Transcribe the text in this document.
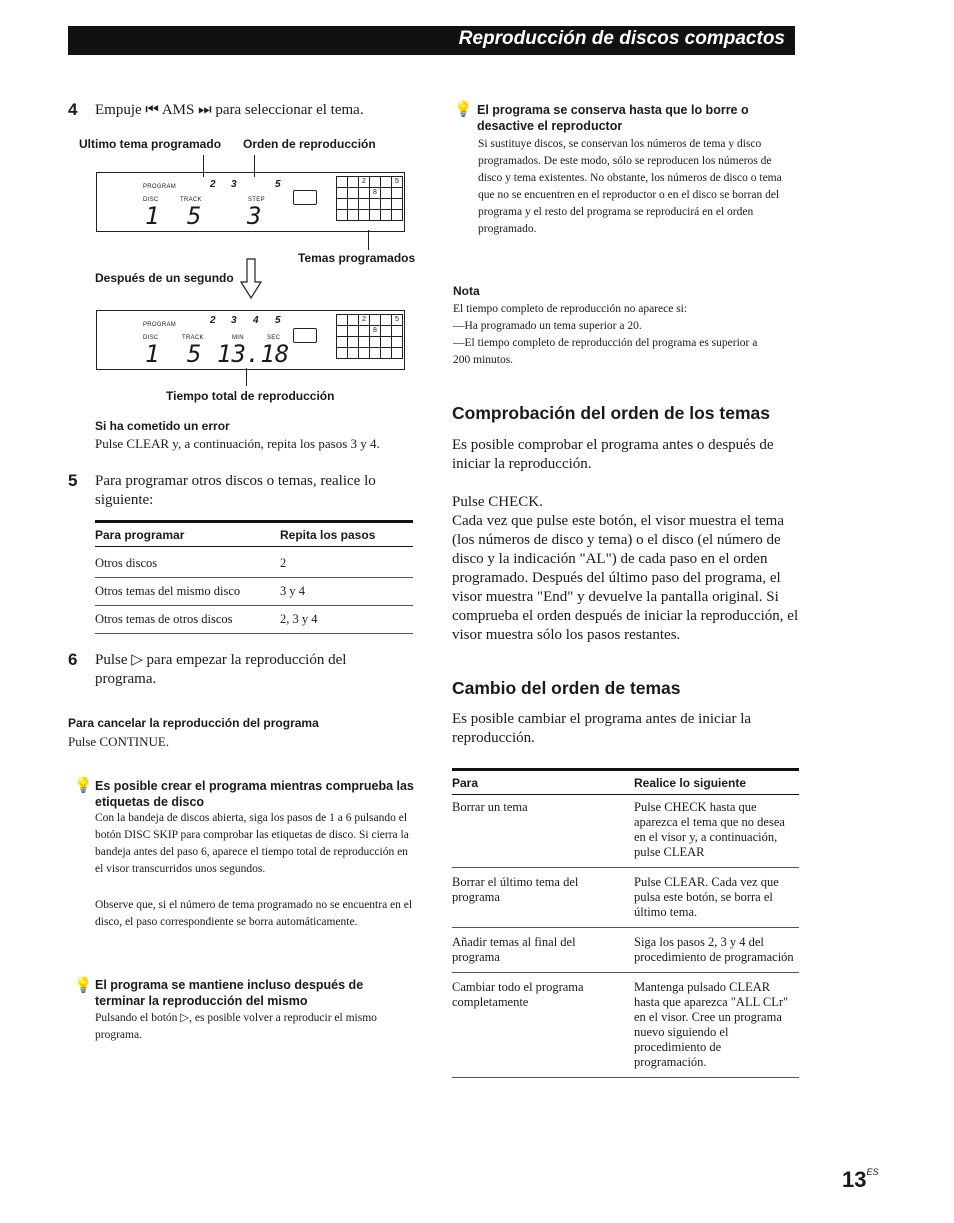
Reproducción de discos compactos
4 Empuje ⏮ AMS ⏭ para seleccionar el tema.
Ultimo tema programado Orden de reproducción
PROGRAM
DISC	TRACK	STEP
2 3	5
1 5 3
2	5
8
Temas programados
Después de un segundo
PROGRAM
DISC	TRACK	MIN	SEC
2 3 4 5
1 5 13.18
2	5
8
Tiempo total de reproducción
Si ha cometido un error
Pulse CLEAR y, a continuación, repita los pasos 3 y 4.
5 Para programar otros discos o temas, realice lo siguiente:
Para programar	Repita los pasos
Otros discos	2
Otros temas del mismo disco	3 y 4
Otros temas de otros discos	2, 3 y 4
6 Pulse ▷ para empezar la reproducción del programa.
Para cancelar la reproducción del programa
Pulse CONTINUE.
💡 Es posible crear el programa mientras comprueba las etiquetas de disco
Con la bandeja de discos abierta, siga los pasos de 1 a 6 pulsando el botón DISC SKIP para comprobar las etiquetas de disco. Si cierra la bandeja antes del paso 6, aparece el tiempo total de reproducción en el visor transcurridos unos segundos.
Observe que, si el número de tema programado no se encuentra en el disco, el paso correspondiente se borra automáticamente.
💡 El programa se mantiene incluso después de terminar la reproducción del mismo
Pulsando el botón ▷, es posible volver a reproducir el mismo programa.
💡 El programa se conserva hasta que lo borre o desactive el reproductor
Si sustituye discos, se conservan los números de tema y disco programados. De este modo, sólo se reproducen los números de disco y tema existentes. No obstante, los números de disco o tema que no se encuentren en el reproductor o en el disco se borran del programa y el resto del programa se reproducirá en el orden programado.
Nota
El tiempo completo de reproducción no aparece si:
—Ha programado un tema superior a 20.
—El tiempo completo de reproducción del programa es superior a 200 minutos.
Comprobación del orden de los temas
Es posible comprobar el programa antes o después de iniciar la reproducción.
Pulse CHECK.
Cada vez que pulse este botón, el visor muestra el tema (los números de disco y tema) o el disco (el número de disco y la indicación "AL") de cada paso en el orden programado. Después del último paso del programa, el visor muestra "End" y devuelve la pantalla original. Si comprueba el orden después de iniciar la reproducción, el visor muestra sólo los pasos restantes.
Cambio del orden de temas
Es posible cambiar el programa antes de iniciar la reproducción.
Para	Realice lo siguiente
Borrar un tema	Pulse CHECK hasta que aparezca el tema que no desea en el visor y, a continuación, pulse CLEAR
Borrar el último tema del programa	Pulse CLEAR. Cada vez que pulsa este botón, se borra el último tema.
Añadir temas al final del programa	Siga los pasos 2, 3 y 4 del procedimiento de programación
Cambiar todo el programa completamente	Mantenga pulsado CLEAR hasta que aparezca "ALL CLr" en el visor. Cree un programa nuevo siguiendo el procedimiento de programación.
$13^{ES}$
